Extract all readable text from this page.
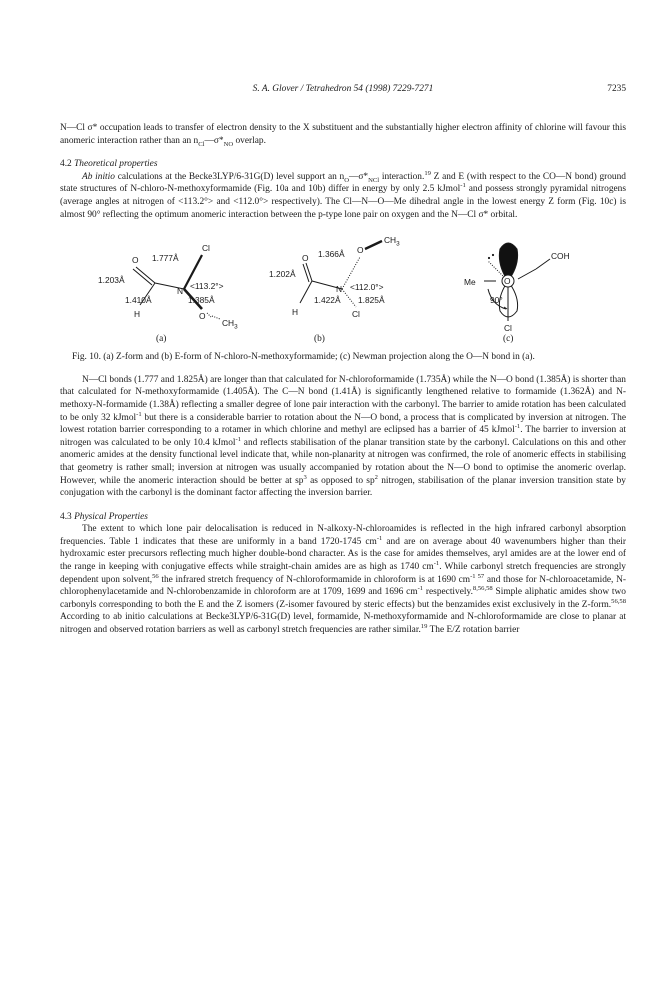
S. A. Glover / Tetrahedron 54 (1998) 7229-7271	7235

N—Cl σ* occupation leads to transfer of electron density to the X substituent and the substantially higher electron affinity of chlorine will favour this anomeric interaction rather than an $n_{Cl}—\sigma*_{NO}$ overlap.

4.2 Theoretical properties

Ab initio calculations at the Becke3LYP/6-31G(D) level support an $n_O—\sigma*_{NCl}$ interaction.$^{19}$ Z and E (with respect to the CO—N bond) ground state structures of N-chloro-N-methoxyformamide (Fig. 10a and 10b) differ in energy by only 2.5 kJmol$^{-1}$ and possess strongly pyramidal nitrogens (average angles at nitrogen of <113.2°> and <112.0°> respectively). The Cl—N—O—Me dihedral angle in the lowest energy Z form (Fig. 10c) is almost 90° reflecting the optimum anomeric interaction between the p-type lone pair on oxygen and the N—Cl σ* orbital.

O 1.777Å
Cl
1.203Å
N <113.2°>
1.410Å	1.385Å
H	O
$CH_3$
O 1.366Å O
$CH_3$
1.202Å
N <112.0°>
1.422Å 1.825Å
H	Cl
COH
Me	O
90°
Cl
(a)	(b)	(c)

Fig. 10. (a) Z-form and (b) E-form of N-chloro-N-methoxyformamide; (c) Newman projection along the O—N bond in (a).

N—Cl bonds (1.777 and 1.825Å) are longer than that calculated for N-chloroformamide (1.735Å) while the N—O bond (1.385Å) is shorter than that calculated for N-methoxyformamide (1.405Å). The C—N bond (1.41Å) is significantly lengthened relative to formamide (1.362Å) and N-methoxy-N-formamide (1.38Å) reflecting a smaller degree of lone pair interaction with the carbonyl. The barrier to amide rotation has been calculated to be only 32 kJmol$^{-1}$ but there is a considerable barrier to rotation about the N—O bond, a process that is complicated by inversion at nitrogen. The lowest rotation barrier corresponding to a rotamer in which chlorine and methyl are eclipsed has a barrier of 45 kJmol$^{-1}$. The barrier to inversion at nitrogen was calculated to be only 10.4 kJmol$^{-1}$ and reflects stabilisation of the planar transition state by the carbonyl. Calculations on this and other anomeric amides at the density functional level indicate that, while non-planarity at nitrogen was confirmed, the role of anomeric effects in stabilising that geometry is rather small; inversion at nitrogen was usually accompanied by rotation about the N—O bond to optimise the anomeric overlap. However, while the anomeric interaction should be better at $sp^3$ as opposed to $sp^2$ nitrogen, stabilisation of the planar inversion transition state by conjugation with the carbonyl is the dominant factor affecting the inversion barrier.

4.3 Physical Properties

The extent to which lone pair delocalisation is reduced in N-alkoxy-N-chloroamides is reflected in the high infrared carbonyl absorption frequencies. Table 1 indicates that these are uniformly in a band 1720-1745 $cm^{-1}$ and are on average about 40 wavenumbers higher than their hydroxamic ester precursors reflecting much higher double-bond character. As is the case for amides themselves, aryl amides are at the lower end of the range in keeping with conjugative effects while straight-chain amides are as high as 1740 $cm^{-1}$. While carbonyl stretch frequencies are strongly dependent upon solvent,$^{56}$ the infrared stretch frequency of N-chloroformamide in chloroform is at 1690 $cm^{-1 57}$ and those for N-chloroacetamide, N-chlorophenylacetamide and N-chlorobenzamide in chloroform are at 1709, 1699 and 1696 $cm^{-1}$ respectively.$^{8,56,58}$ Simple aliphatic amides show two carbonyls corresponding to both the E and the Z isomers (Z-isomer favoured by steric effects) but the benzamides exist exclusively in the Z-form.$^{56,58}$ According to ab initio calculations at Becke3LYP/6-31G(D) level, formamide, N-methoxyformamide and N-chloroformamide are close to planar at nitrogen and observed rotation barriers as well as carbonyl stretch frequencies are rather similar.$^{19}$ The E/Z rotation barrier
